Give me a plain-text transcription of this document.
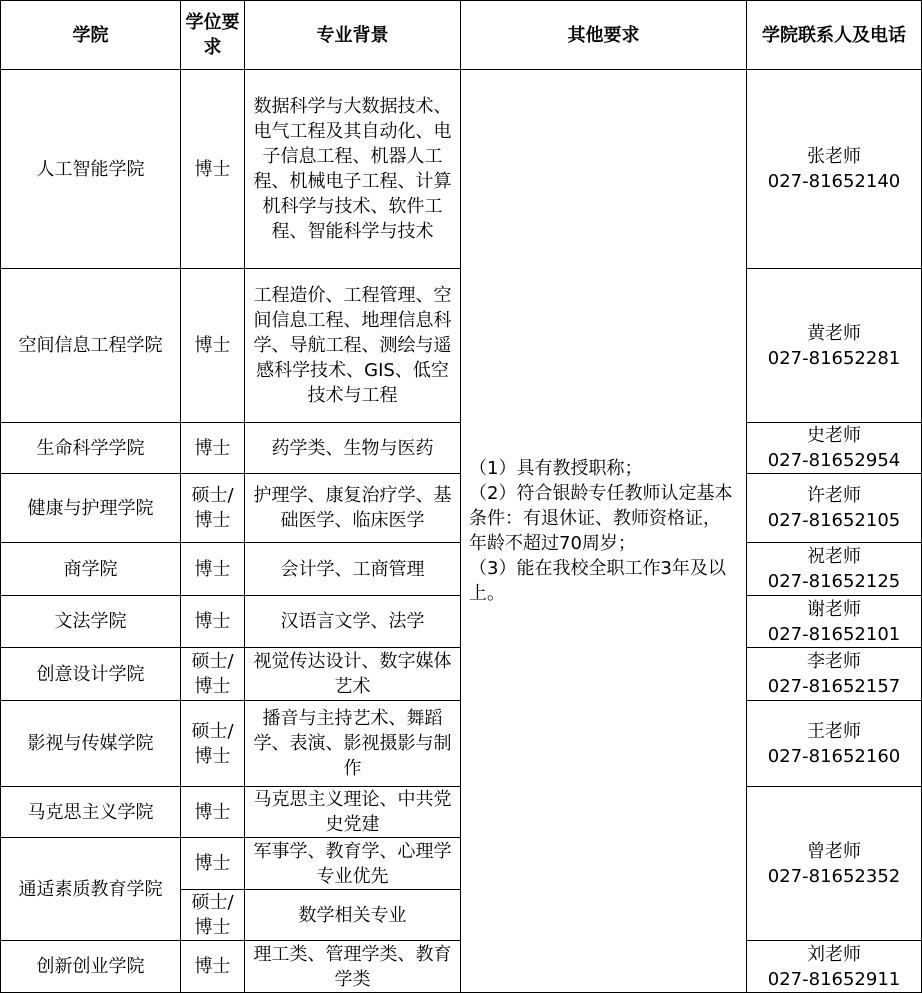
学院	学位要求	专业背景	其他要求	学院联系人及电话
人工智能学院	博士	数据科学与大数据技术、电气工程及其自动化、电子信息工程、机器人工程、机械电子工程、计算机科学与技术、软件工程、智能科学与技术	（1）具有教授职称；
（2）符合银龄专任教师认定基本条件：有退休证、教师资格证，年龄不超过70周岁；
（3）能在我校全职工作3年及以上。	张老师
027-81652140

空间信息工程学院	博士	工程造价、工程管理、空间信息工程、地理信息科学、导航工程、测绘与遥感科学技术、GIS、低空技术与工程		黄老师
027-81652281

生命科学学院	博士	药学类、生物与医药		史老师
027-81652954

健康与护理学院	硕士/博士	护理学、康复治疗学、基础医学、临床医学		许老师
027-81652105

商学院	博士	会计学、工商管理		祝老师
027-81652125

文法学院	博士	汉语言文学、法学		谢老师
027-81652101

创意设计学院	硕士/博士	视觉传达设计、数字媒体艺术		李老师
027-81652157

影视与传媒学院	硕士/博士	播音与主持艺术、舞蹈学、表演、影视摄影与制作		王老师
027-81652160

马克思主义学院	博士	马克思主义理论、中共党史党建		曾老师
027-81652352

通适素质教育学院	博士	军事学、教育学、心理学专业优先		
	硕士/博士	数学相关专业		
创新创业学院	博士	理工类、管理学类、教育学类		刘老师
027-81652911
